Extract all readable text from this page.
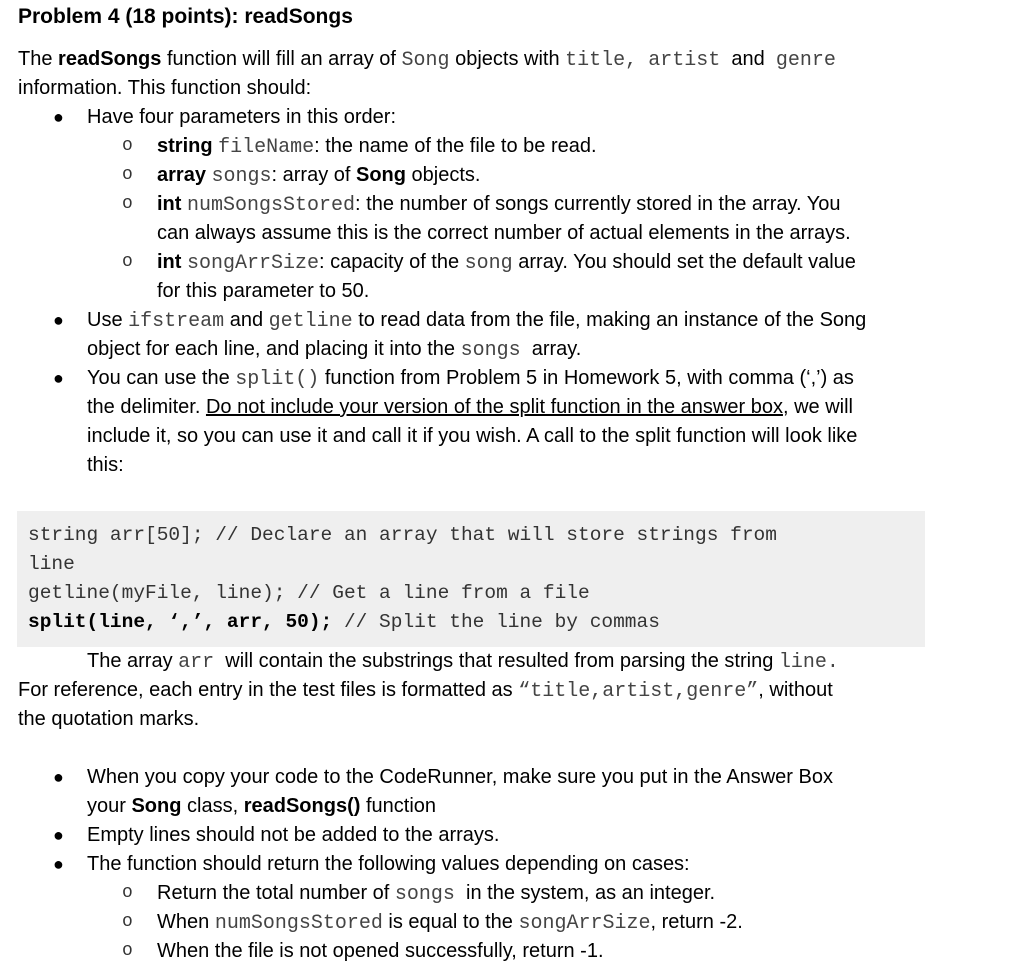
Problem 4 (18 points): readSongs
The readSongs function will fill an array of Song objects with title, artist  and  genre
information. This function should:
● Have four parameters in this order:
o string fileName: the name of the file to be read.
o array songs: array of Song objects.
o int numSongsStored: the number of songs currently stored in the array. You
can always assume this is the correct number of actual elements in the arrays.
o int songArrSize: capacity of the song array. You should set the default value
for this parameter to 50.
● Use ifstream and getline to read data from the file, making an instance of the Song
object for each line, and placing it into the songs  array.
● You can use the split() function from Problem 5 in Homework 5, with comma (‘,’) as
the delimiter. Do not include your version of the split function in the answer box, we will
include it, so you can use it and call it if you wish. A call to the split function will look like
this:
string arr[50]; // Declare an array that will store strings from
line
getline(myFile, line); // Get a line from a file
split(line, ‘,’, arr, 50); // Split the line by commas
The array arr  will contain the substrings that resulted from parsing the string line.
For reference, each entry in the test files is formatted as “title,artist,genre”, without
the quotation marks.
● When you copy your code to the CodeRunner, make sure you put in the Answer Box
your Song class, readSongs() function
● Empty lines should not be added to the arrays.
● The function should return the following values depending on cases:
o Return the total number of songs  in the system, as an integer.
o When numSongsStored is equal to the songArrSize, return -2.
o When the file is not opened successfully, return -1.
